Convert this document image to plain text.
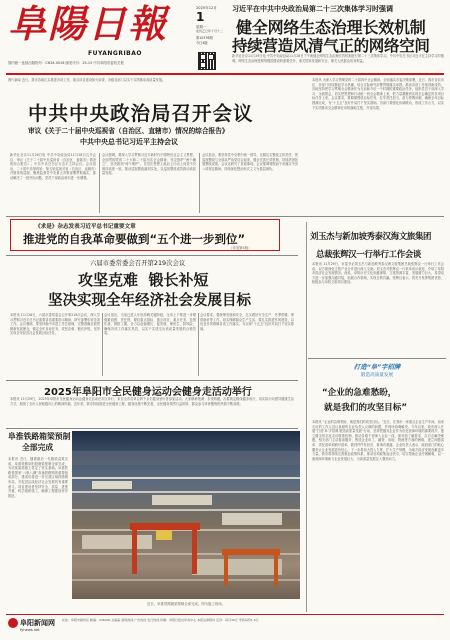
阜陽日報
FUYANGRIBAO
国内统一连续出版物号：CN34-0016 邮发代号：25-15 中共阜阳市委机关报
2025年12月
1
星期一
农历乙巳年十月十二
第10376期
今日4版
习近平在中共中央政治局第二十三次集体学习时强调
健全网络生态治理长效机制
持续营造风清气正的网络空间
新华社北京11月29日电 中共中央政治局11月28日下午就健全网络生态治理长效机制进行第二十三次集体学习。中共中央总书记习近平在主持学习时强调，网络生态治理是网络强国建设的重要任务，事关国家发展和安全，事关人民群众切身利益。
图片新闻 近日，我市各地扎实推进各项工作，重点项目建设如火如荼，各级各部门以实干实绩推动高质量发展。
中共中央政治局召开会议
审议《关于二十届中央巡视省（自治区、直辖市）情况的综合报告》
中共中央总书记习近平主持会议
新华社北京11月28日电 中共中央政治局11月28日召开会议，审议《关于二十届中央巡视省（自治区、直辖市）情况的综合报告》。中共中央总书记习近平主持会议。会议指出，二十届中央第四轮、第五轮巡视对省（自治区、直辖市）开展常规巡视，聚焦监督党中央重大决策部署贯彻落实，推动解决了一批突出问题，党员干部政治意识进一步增强。
会议强调，要深入学习贯彻习近平新时代中国特色社会主义思想，全面贯彻党的二十大和二十届历次全会精神，坚定拥护“两个确立”、坚决做到“两个维护”，自觉在思想上政治上行动上同党中央保持高度一致，推动巡视整改落到实处，以巡视整改成效推动高质量发展。
会议指出，要坚持党中央集中统一领导，压紧压实整改主体责任，把巡视整改与全面从严治党结合起来，健全完善长效机制，持续巩固拓展整改成果。会议还研究了其他事项。会议强调要锲而不舍落实中央八项规定精神，持续深化整治形式主义为基层减负。
本报讯 为深入学习贯彻党的二十届四中全会精神，全面落实市委决策部署，近日，我市各县市区、各部门持续掀起学习热潮，结合实际研究部署贯彻落实举措，推动各项工作取得新成效。各地坚持把学习贯彻全会精神作为当前和今后一个时期的重要政治任务，组织党员干部深入学习、全面领会，切实把思想和行动统一到全会精神上来，把力量凝聚到实现全会确定的各项目标任务上来。会议要求，要紧紧围绕目标任务，扛牢责任担当，奋力拼搏冲刺，确保全年目标圆满完成，为“十五五”良好开局打下坚实基础。各部门要强化协调联动，形成工作合力，以实干实绩推动全会精神在阜阳落地生根、开花结果。
《求是》杂志发表习近平总书记重要文章
推进党的自我革命要做到“五个进一步到位”
（详见第4版）
六届市委常委会召开第219次会议
攻坚克难  锻长补短
坚决实现全年经济社会发展目标
本报讯 11月28日，六届市委常委会召开第219次会议，深入学习贯彻习近平总书记重要讲话重要指示精神，研究部署年底各项工作。会议强调，要坚持稳中求进工作总基调，完整准确全面贯彻新发展理念，锚定全年目标任务，攻坚克难、锻长补短，坚决完成全年经济社会发展目标任务。
会议指出，当前已进入年底冲刺关键阶段，全市上下要进一步增强紧迫感、责任感，紧盯重点指标、重点项目、重点任务，挂图作战、倒排工期，全力以赴稳增长、促发展、保民生、防风险，确保各项工作落实见效，以实干实绩交出高质量发展的合格答卷。
会议要求，要统筹发展和安全，扎实做好安全生产、冬季供暖、保供稳价等工作，切实保障群众生产生活。要扎实推进作风建设，以优良作风保障各项工作落实，为实现“十五五”良好开局打下坚实基础。
2025年阜阳市全民健身运动会健身走活动举行
本报讯 11月29日，2025年阜阳市全民健身运动会健身走活动在市区举行，来自全市各单位的千余名健身爱好者参加活动。大家精神饱满、步伐矫健，沿着规定路线健步前行，用实际行动倡导健康生活方式，展现了全市人民积极向上的精神风貌。近年来，我市持续推进全民健身工程，健身设施不断完善，全民健身氛围日益浓厚，群众参与体育锻炼的热情不断高涨。
阜淮铁路箱梁预制
全部完成
本报讯 近日，随着最后一孔箱梁浇筑完成，阜淮铁路阜阳段箱梁预制全部完成，为后续架梁施工奠定了坚实基础。阜淮铁路是国家“八纵八横”高速铁路网的重要组成部分，建成后将进一步完善区域铁路网布局，对促进沿线经济社会发展具有重要意义。项目建设者坚持安全、质量、进度并重，科学组织施工，确保工程建设有序推进。
近日，阜淮铁路箱梁预制全部完成。图为施工现场。
刘玉杰与新加坡秀泰汉海文旅集团
总裁张辉汉一行举行工作会谈
本报讯 11月29日，市委书记刘玉杰与新加坡秀泰汉海文旅集团总裁张辉汉一行举行工作会谈，双方就深化文旅产业合作进行深入交流。刘玉杰对张辉汉一行来阜表示欢迎，介绍了阜阳市经济社会发展情况。他说，阜阳历史文化底蕴深厚，文旅资源丰富，发展潜力巨大，希望双方进一步加强沟通对接，拓展合作领域，实现互利共赢。张辉汉表示，将充分发挥集团优势，积极参与阜阳文旅项目建设。
打造“阜”字招牌
锻造高质量发展
“企业的急难愁盼，
就是我们的攻坚目标”
本报讯 “企业的急难愁盼，就是我们的攻坚目标。”近日，在我市一家重点企业生产车间，前来走访的工作人员认真倾听企业负责人反映的问题，并现场协调解决。今年以来，我市深入开展“打造‘阜’字招牌 锻造高质量发展”行动，坚持把服务企业作为优化营商环境的重要抓手，建立健全常态化走访联系机制，推动各级干部深入企业一线，面对面了解需求、点对点解决难题。相关部门主动靠前服务，围绕企业用工、融资、用地、物流等方面的困难，建立问题清单、责任清单和销号清单，做到件件有回音、事事有着落。企业负责人表示，政府部门的贴心服务让企业发展更有信心，下一步将加大投入力度，扩大生产规模，为地方经济发展贡献更多力量。我市将持续完善惠企政策体系，推动各项政策直达快享，切实帮助企业纾困解难，以一流营商环境助力企业发展壮大，为高质量发展注入强劲动力。
阜阳新闻网
fynews.net
社址：阜阳市颍州区 邮编：236000 总编室 新闻热线 广告热线 发行热线 印刷：阜阳日报社印务中心 本报法律顾问 定价：每月30元 零售每份1.5元
